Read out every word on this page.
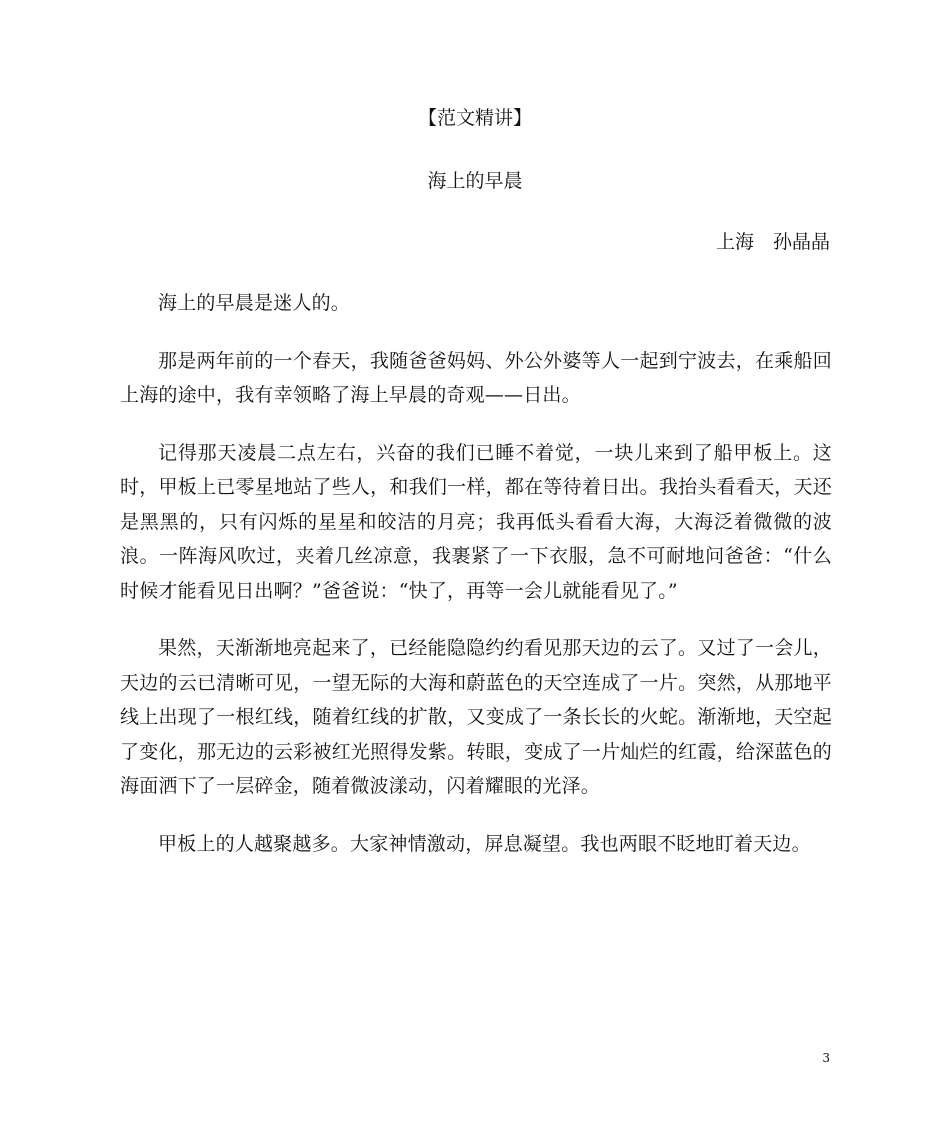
【范文精讲】
海上的早晨
上海　孙晶晶

海上的早晨是迷人的。

那是两年前的一个春天，我随爸爸妈妈、外公外婆等人一起到宁波去，在乘船回上海的途中，我有幸领略了海上早晨的奇观——日出。

记得那天凌晨二点左右，兴奋的我们已睡不着觉，一块儿来到了船甲板上。这时，甲板上已零星地站了些人，和我们一样，都在等待着日出。我抬头看看天，天还是黑黑的，只有闪烁的星星和皎洁的月亮；我再低头看看大海，大海泛着微微的波浪。一阵海风吹过，夹着几丝凉意，我裹紧了一下衣服，急不可耐地问爸爸：“什么时候才能看见日出啊？”爸爸说：“快了，再等一会儿就能看见了。”

果然，天渐渐地亮起来了，已经能隐隐约约看见那天边的云了。又过了一会儿，天边的云已清晰可见，一望无际的大海和蔚蓝色的天空连成了一片。突然，从那地平线上出现了一根红线，随着红线的扩散，又变成了一条长长的火蛇。渐渐地，天空起了变化，那无边的云彩被红光照得发紫。转眼，变成了一片灿烂的红霞，给深蓝色的海面洒下了一层碎金，随着微波漾动，闪着耀眼的光泽。

甲板上的人越聚越多。大家神情激动，屏息凝望。我也两眼不眨地盯着天边。

3
